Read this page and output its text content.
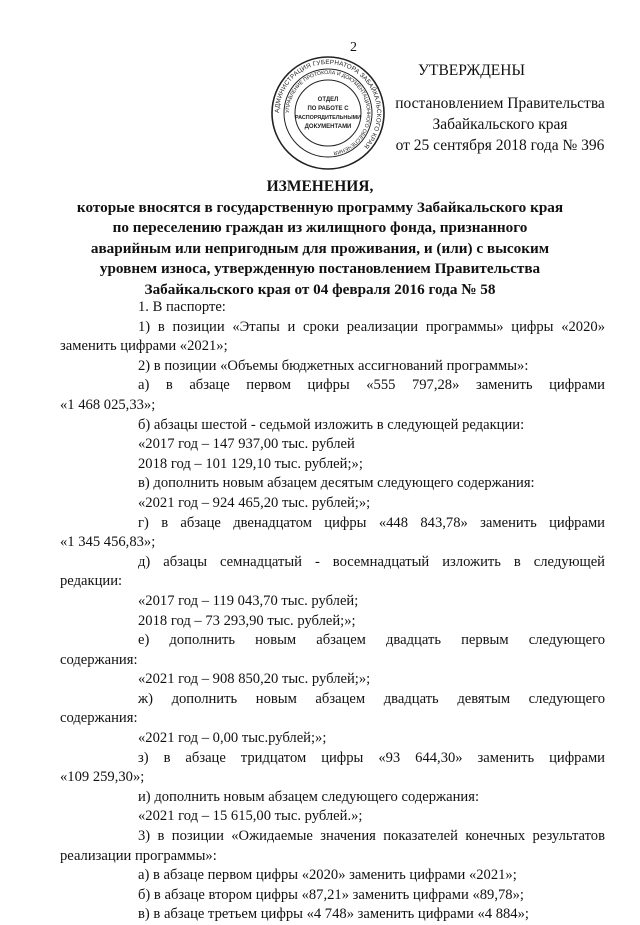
2
АДМИНИСТРАЦИЯ ГУБЕРНАТОРА ЗАБАЙКАЛЬСКОГО КРАЯ
УПРАВЛЕНИЕ ПРОТОКОЛА И ДОКУМЕНТАЦИОННОГО ОБЕСПЕЧЕНИЯ
ОТДЕЛ
ПО РАБОТЕ С
РАСПОРЯДИТЕЛЬНЫМИ
ДОКУМЕНТАМИ
УТВЕРЖДЕНЫ
постановлением Правительства
Забайкальского края
от 25 сентября 2018 года № 396
ИЗМЕНЕНИЯ,
которые вносятся в государственную программу Забайкальского края
по переселению граждан из жилищного фонда, признанного
аварийным или непригодным для проживания, и (или) с высоким
уровнем износа, утвержденную постановлением Правительства
Забайкальского края от 04 февраля 2016 года № 58

1. В паспорте:

1) в позиции «Этапы и сроки реализации программы» цифры «2020»

заменить цифрами «2021»;

2) в позиции «Объемы бюджетных ассигнований программы»:

а) в абзаце первом цифры «555 797,28» заменить цифрами

«1 468 025,33»;

б) абзацы шестой - седьмой изложить в следующей редакции:

«2017 год – 147 937,00 тыс. рублей

2018 год – 101 129,10 тыс. рублей;»;

в) дополнить новым абзацем десятым следующего содержания:

«2021 год – 924 465,20 тыс. рублей;»;

г) в абзаце двенадцатом цифры «448 843,78» заменить цифрами

«1 345 456,83»;

д) абзацы семнадцатый - восемнадцатый изложить в следующей

редакции:

«2017 год – 119 043,70 тыс. рублей;

2018 год – 73 293,90 тыс. рублей;»;

е) дополнить новым абзацем двадцать первым следующего

содержания:

«2021 год – 908 850,20 тыс. рублей;»;

ж) дополнить новым абзацем двадцать девятым следующего

содержания:

«2021 год – 0,00 тыс.рублей;»;

з) в абзаце тридцатом цифры «93 644,30» заменить цифрами

«109 259,30»;

и) дополнить новым абзацем следующего содержания:

«2021 год – 15 615,00 тыс. рублей.»;

3) в позиции «Ожидаемые значения показателей конечных результатов

реализации программы»:

а) в абзаце первом цифры «2020» заменить цифрами «2021»;

б) в абзаце втором цифры «87,21» заменить цифрами «89,78»;

в) в абзаце третьем цифры «4 748» заменить цифрами «4 884»;
